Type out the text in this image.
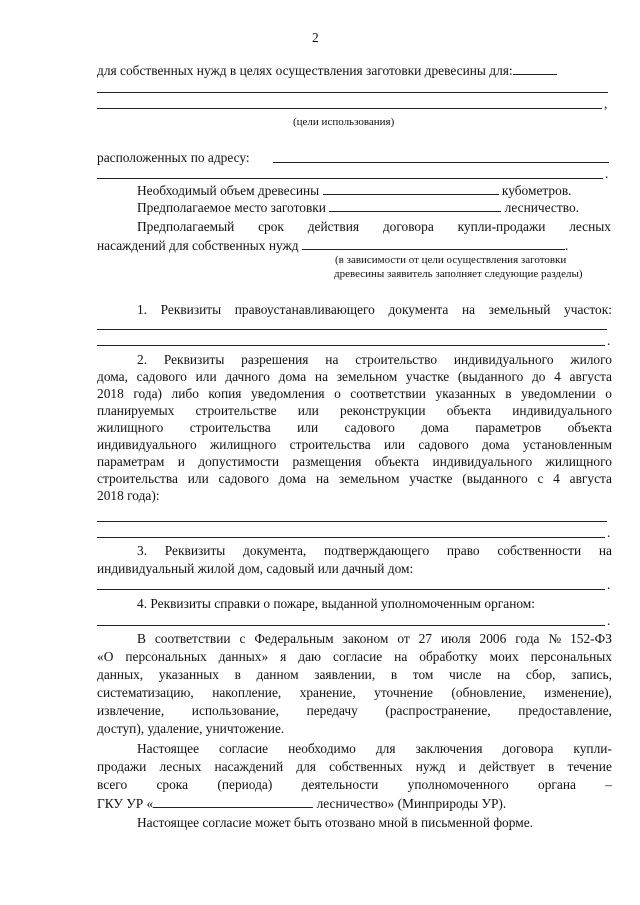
2
для собственных нужд в целях осуществления заготовки древесины для:
,
(цели использования)
расположенных по адресу:
.
Необходимый объем древесины	кубометров.
Предполагаемое место заготовки	лесничество.
Предполагаемый срок действия договора купли-продажи лесных
насаждений для собственных нужд	.
(в зависимости от цели осуществления заготовки
древесины заявитель заполняет следующие разделы)
1. Реквизиты правоустанавливающего документа на земельный участок:
.
2. Реквизиты разрешения на строительство индивидуального жилого
дома, садового или дачного дома на земельном участке (выданного до 4 августа
2018 года) либо копия уведомления о соответствии указанных в уведомлении о
планируемых строительстве или реконструкции объекта индивидуального
жилищного строительства или садового дома параметров объекта
индивидуального жилищного строительства или садового дома установленным
параметрам и допустимости размещения объекта индивидуального жилищного
строительства или садового дома на земельном участке (выданного с 4 августа
2018 года):
.
3. Реквизиты документа, подтверждающего право собственности на
индивидуальный жилой дом, садовый или дачный дом:
.
4. Реквизиты справки о пожаре, выданной уполномоченным органом:
.
В соответствии с Федеральным законом от 27 июля 2006 года № 152-ФЗ
«О персональных данных» я даю согласие на обработку моих персональных
данных, указанных в данном заявлении, в том числе на сбор, запись,
систематизацию, накопление, хранение, уточнение (обновление, изменение),
извлечение, использование, передачу (распространение, предоставление,
доступ), удаление, уничтожение.
Настоящее согласие необходимо для заключения договора купли-
продажи лесных насаждений для собственных нужд и действует в течение
всего срока (периода) деятельности уполномоченного органа –
ГКУ УР «	лесничество» (Минприроды УР).
Настоящее согласие может быть отозвано мной в письменной форме.
